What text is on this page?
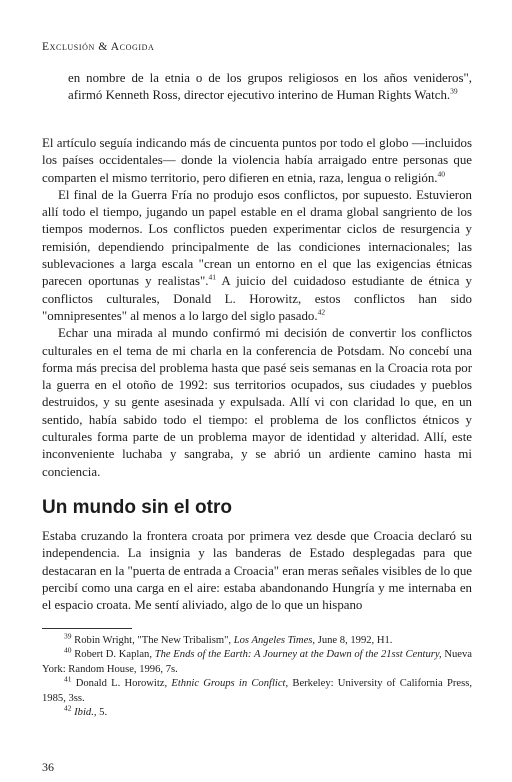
Exclusión & Acogida
en nombre de la etnia o de los grupos religiosos en los años venideros", afirmó Kenneth Ross, director ejecutivo interino de Human Rights Watch.$^{39}$

El artículo seguía indicando más de cincuenta puntos por todo el globo —incluidos los países occidentales— donde la violencia había arraigado entre personas que comparten el mismo territorio, pero difieren en etnia, raza, lengua o religión.$^{40}$

El final de la Guerra Fría no produjo esos conflictos, por supuesto. Estuvieron allí todo el tiempo, jugando un papel estable en el drama global sangriento de los tiempos modernos. Los conflictos pueden experimentar ciclos de resurgencia y remisión, dependiendo principalmente de las condiciones internacionales; las sublevaciones a larga escala "crean un entorno en el que las exigencias étnicas parecen oportunas y realistas".$^{41}$ A juicio del cuidadoso estudiante de étnica y conflictos culturales, Donald L. Horowitz, estos conflictos han sido "omnipresentes" al menos a lo largo del siglo pasado.$^{42}$

Echar una mirada al mundo confirmó mi decisión de convertir los conflictos culturales en el tema de mi charla en la conferencia de Potsdam. No concebí una forma más precisa del problema hasta que pasé seis semanas en la Croacia rota por la guerra en el otoño de 1992: sus territorios ocupados, sus ciudades y pueblos destruidos, y su gente asesinada y expulsada. Allí vi con claridad lo que, en un sentido, había sabido todo el tiempo: el problema de los conflictos étnicos y culturales forma parte de un problema mayor de identidad y alteridad. Allí, este inconveniente luchaba y sangraba, y se abrió un ardiente camino hasta mi conciencia.

Un mundo sin el otro

Estaba cruzando la frontera croata por primera vez desde que Croacia declaró su independencia. La insignia y las banderas de Estado desplegadas para que destacaran en la "puerta de entrada a Croacia" eran meras señales visibles de lo que percibí como una carga en el aire: estaba abandonando Hungría y me internaba en el espacio croata. Me sentí aliviado, algo de lo que un hispano

$^{39}$ Robin Wright, "The New Tribalism", Los Angeles Times, June 8, 1992, H1.

$^{40}$ Robert D. Kaplan, The Ends of the Earth: A Journey at the Dawn of the 21sst Century, Nueva York: Random House, 1996, 7s.

$^{41}$ Donald L. Horowitz, Ethnic Groups in Conflict, Berkeley: University of California Press, 1985, 3ss.

$^{42}$ Ibid., 5.

36
